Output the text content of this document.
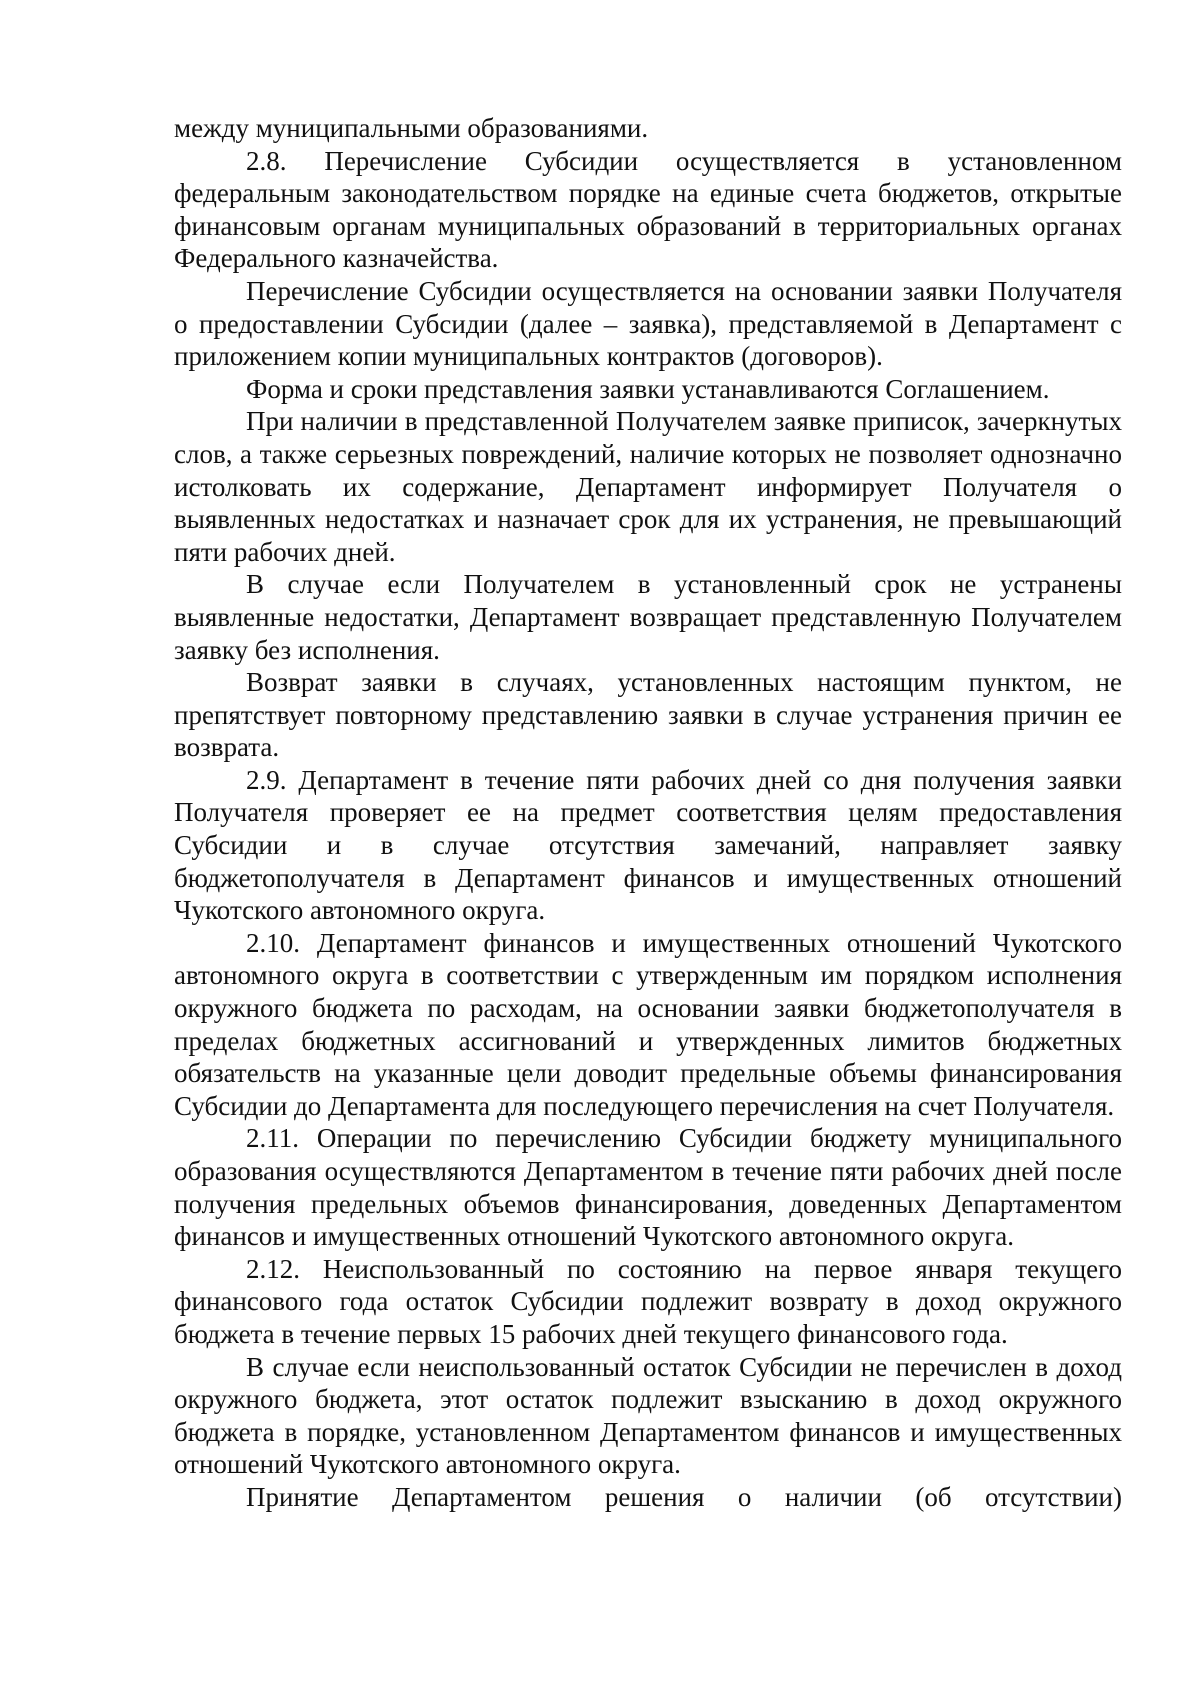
между муниципальными образованиями.

2.8. Перечисление Субсидии осуществляется в установленном федеральным законодательством порядке на единые счета бюджетов, открытые финансовым органам муниципальных образований в территориальных органах Федерального казначейства.

Перечисление Субсидии осуществляется на основании заявки Получателя о предоставлении Субсидии (далее – заявка), представляемой в Департамент с приложением копии муниципальных контрактов (договоров).

Форма и сроки представления заявки устанавливаются Соглашением.

При наличии в представленной Получателем заявке приписок, зачеркнутых слов, а также серьезных повреждений, наличие которых не позволяет однозначно истолковать их содержание, Департамент информирует Получателя о выявленных недостатках и назначает срок для их устранения, не превышающий пяти рабочих дней.

В случае если Получателем в установленный срок не устранены выявленные недостатки, Департамент возвращает представленную Получателем заявку без исполнения.

Возврат заявки в случаях, установленных настоящим пунктом, не препятствует повторному представлению заявки в случае устранения причин ее возврата.

2.9. Департамент в течение пяти рабочих дней со дня получения заявки Получателя проверяет ее на предмет соответствия целям предоставления Субсидии и в случае отсутствия замечаний, направляет заявку бюджетополучателя в Департамент финансов и имущественных отношений Чукотского автономного округа.

2.10. Департамент финансов и имущественных отношений Чукотского автономного округа в соответствии с утвержденным им порядком исполнения окружного бюджета по расходам, на основании заявки бюджетополучателя в пределах бюджетных ассигнований и утвержденных лимитов бюджетных обязательств на указанные цели доводит предельные объемы финансирования Субсидии до Департамента для последующего перечисления на счет Получателя.

2.11. Операции по перечислению Субсидии бюджету муниципального образования осуществляются Департаментом в течение пяти рабочих дней после получения предельных объемов финансирования, доведенных Департаментом финансов и имущественных отношений Чукотского автономного округа.

2.12. Неиспользованный по состоянию на первое января текущего финансового года остаток Субсидии подлежит возврату в доход окружного бюджета в течение первых 15 рабочих дней текущего финансового года.

В случае если неиспользованный остаток Субсидии не перечислен в доход окружного бюджета, этот остаток подлежит взысканию в доход окружного бюджета в порядке, установленном Департаментом финансов и имущественных отношений Чукотского автономного округа.

Принятие Департаментом решения о наличии (об отсутствии)
